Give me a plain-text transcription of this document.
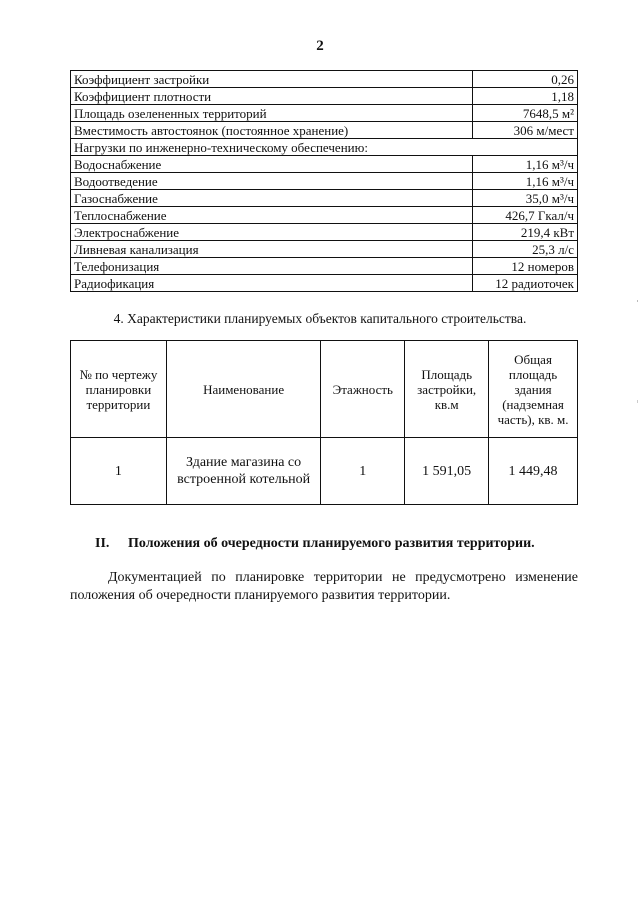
2
Коэффициент застройки	0,26
Коэффициент плотности	1,18
Площадь озелененных территорий	7648,5 м²
Вместимость автостоянок (постоянное хранение)	306 м/мест
Нагрузки по инженерно-техническому обеспечению:	
Водоснабжение	1,16 м³/ч
Водоотведение	1,16 м³/ч
Газоснабжение	35,0 м³/ч
Теплоснабжение	426,7 Гкал/ч
Электроснабжение	219,4 кВт
Ливневая канализация	25,3 л/с
Телефонизация	12 номеров
Радиофикация	12 радиоточек
4. Характеристики планируемых объектов капитального строительства.
№ по чертежу планировки территории	Наименование	Этажность	Площадь застройки, кв.м	Общая площадь здания (надземная часть), кв. м.
1	Здание магазина со встроенной котельной	1	1 591,05	1 449,48
II. Положения об очередности планируемого развития территории.
Документацией по планировке территории не предусмотрено изменение положения об очередности планируемого развития территории.
